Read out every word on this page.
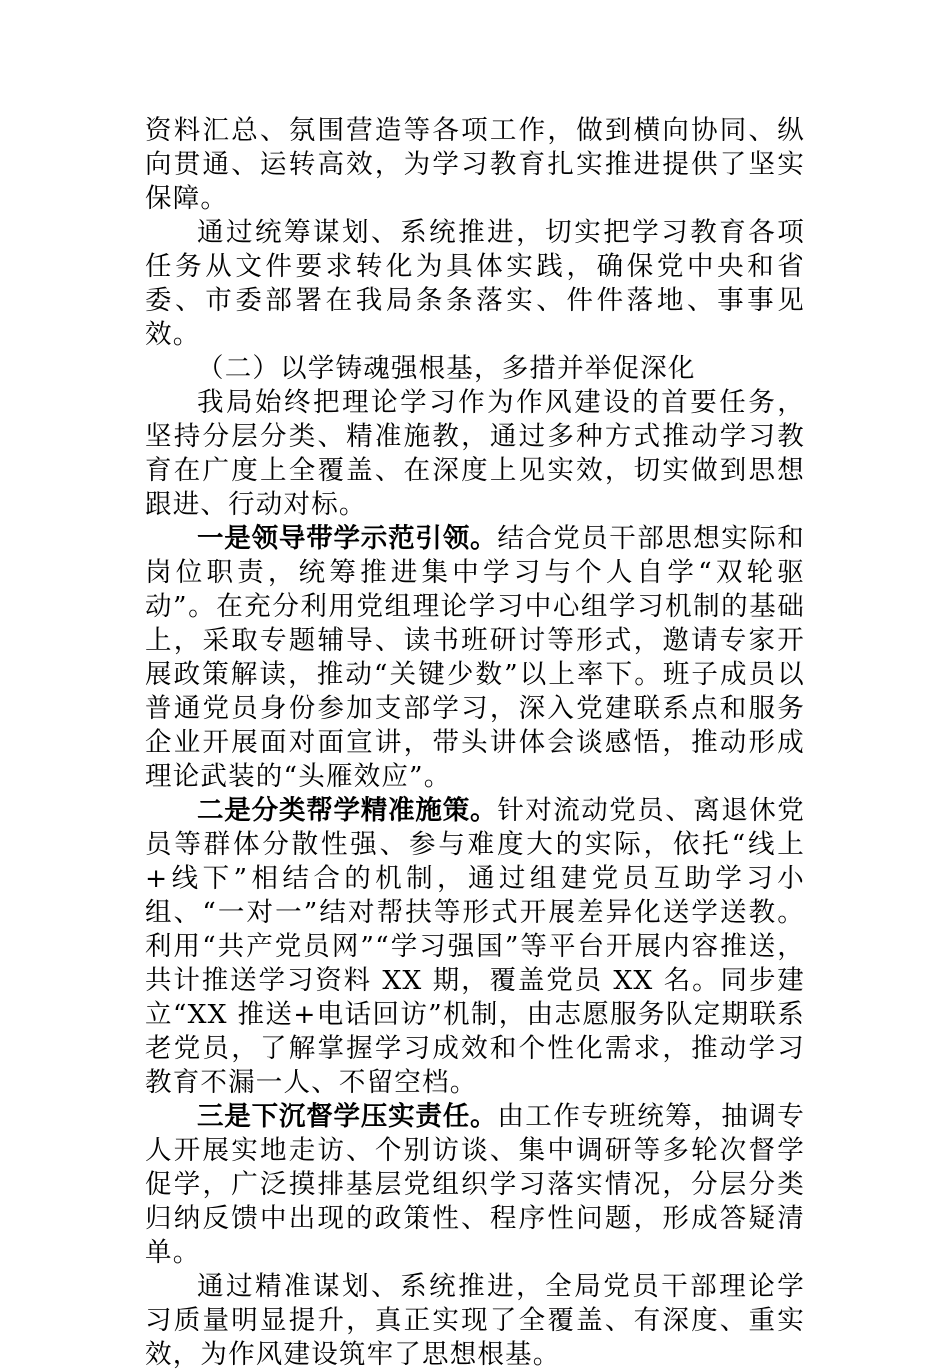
资料汇总、氛围营造等各项工作，做到横向协同、纵向贯通、运转高效，为学习教育扎实推进提供了坚实保障。

通过统筹谋划、系统推进，切实把学习教育各项任务从文件要求转化为具体实践，确保党中央和省委、市委部署在我局条条落实、件件落地、事事见效。

（二）以学铸魂强根基，多措并举促深化

我局始终把理论学习作为作风建设的首要任务，坚持分层分类、精准施教，通过多种方式推动学习教育在广度上全覆盖、在深度上见实效，切实做到思想跟进、行动对标。

一是领导带学示范引领。结合党员干部思想实际和岗位职责，统筹推进集中学习与个人自学“双轮驱动”。在充分利用党组理论学习中心组学习机制的基础上，采取专题辅导、读书班研讨等形式，邀请专家开展政策解读，推动“关键少数”以上率下。班子成员以普通党员身份参加支部学习，深入党建联系点和服务企业开展面对面宣讲，带头讲体会谈感悟，推动形成理论武装的“头雁效应”。

二是分类帮学精准施策。针对流动党员、离退休党员等群体分散性强、参与难度大的实际，依托“线上+线下”相结合的机制，通过组建党员互助学习小组、“一对一”结对帮扶等形式开展差异化送学送教。利用“共产党员网”“学习强国”等平台开展内容推送，共计推送学习资料 XX 期，覆盖党员 XX 名。同步建立“XX 推送+电话回访”机制，由志愿服务队定期联系老党员，了解掌握学习成效和个性化需求，推动学习教育不漏一人、不留空档。

三是下沉督学压实责任。由工作专班统筹，抽调专人开展实地走访、个别访谈、集中调研等多轮次督学促学，广泛摸排基层党组织学习落实情况，分层分类归纳反馈中出现的政策性、程序性问题，形成答疑清单。

通过精准谋划、系统推进，全局党员干部理论学习质量明显提升，真正实现了全覆盖、有深度、重实效，为作风建设筑牢了思想根基。
